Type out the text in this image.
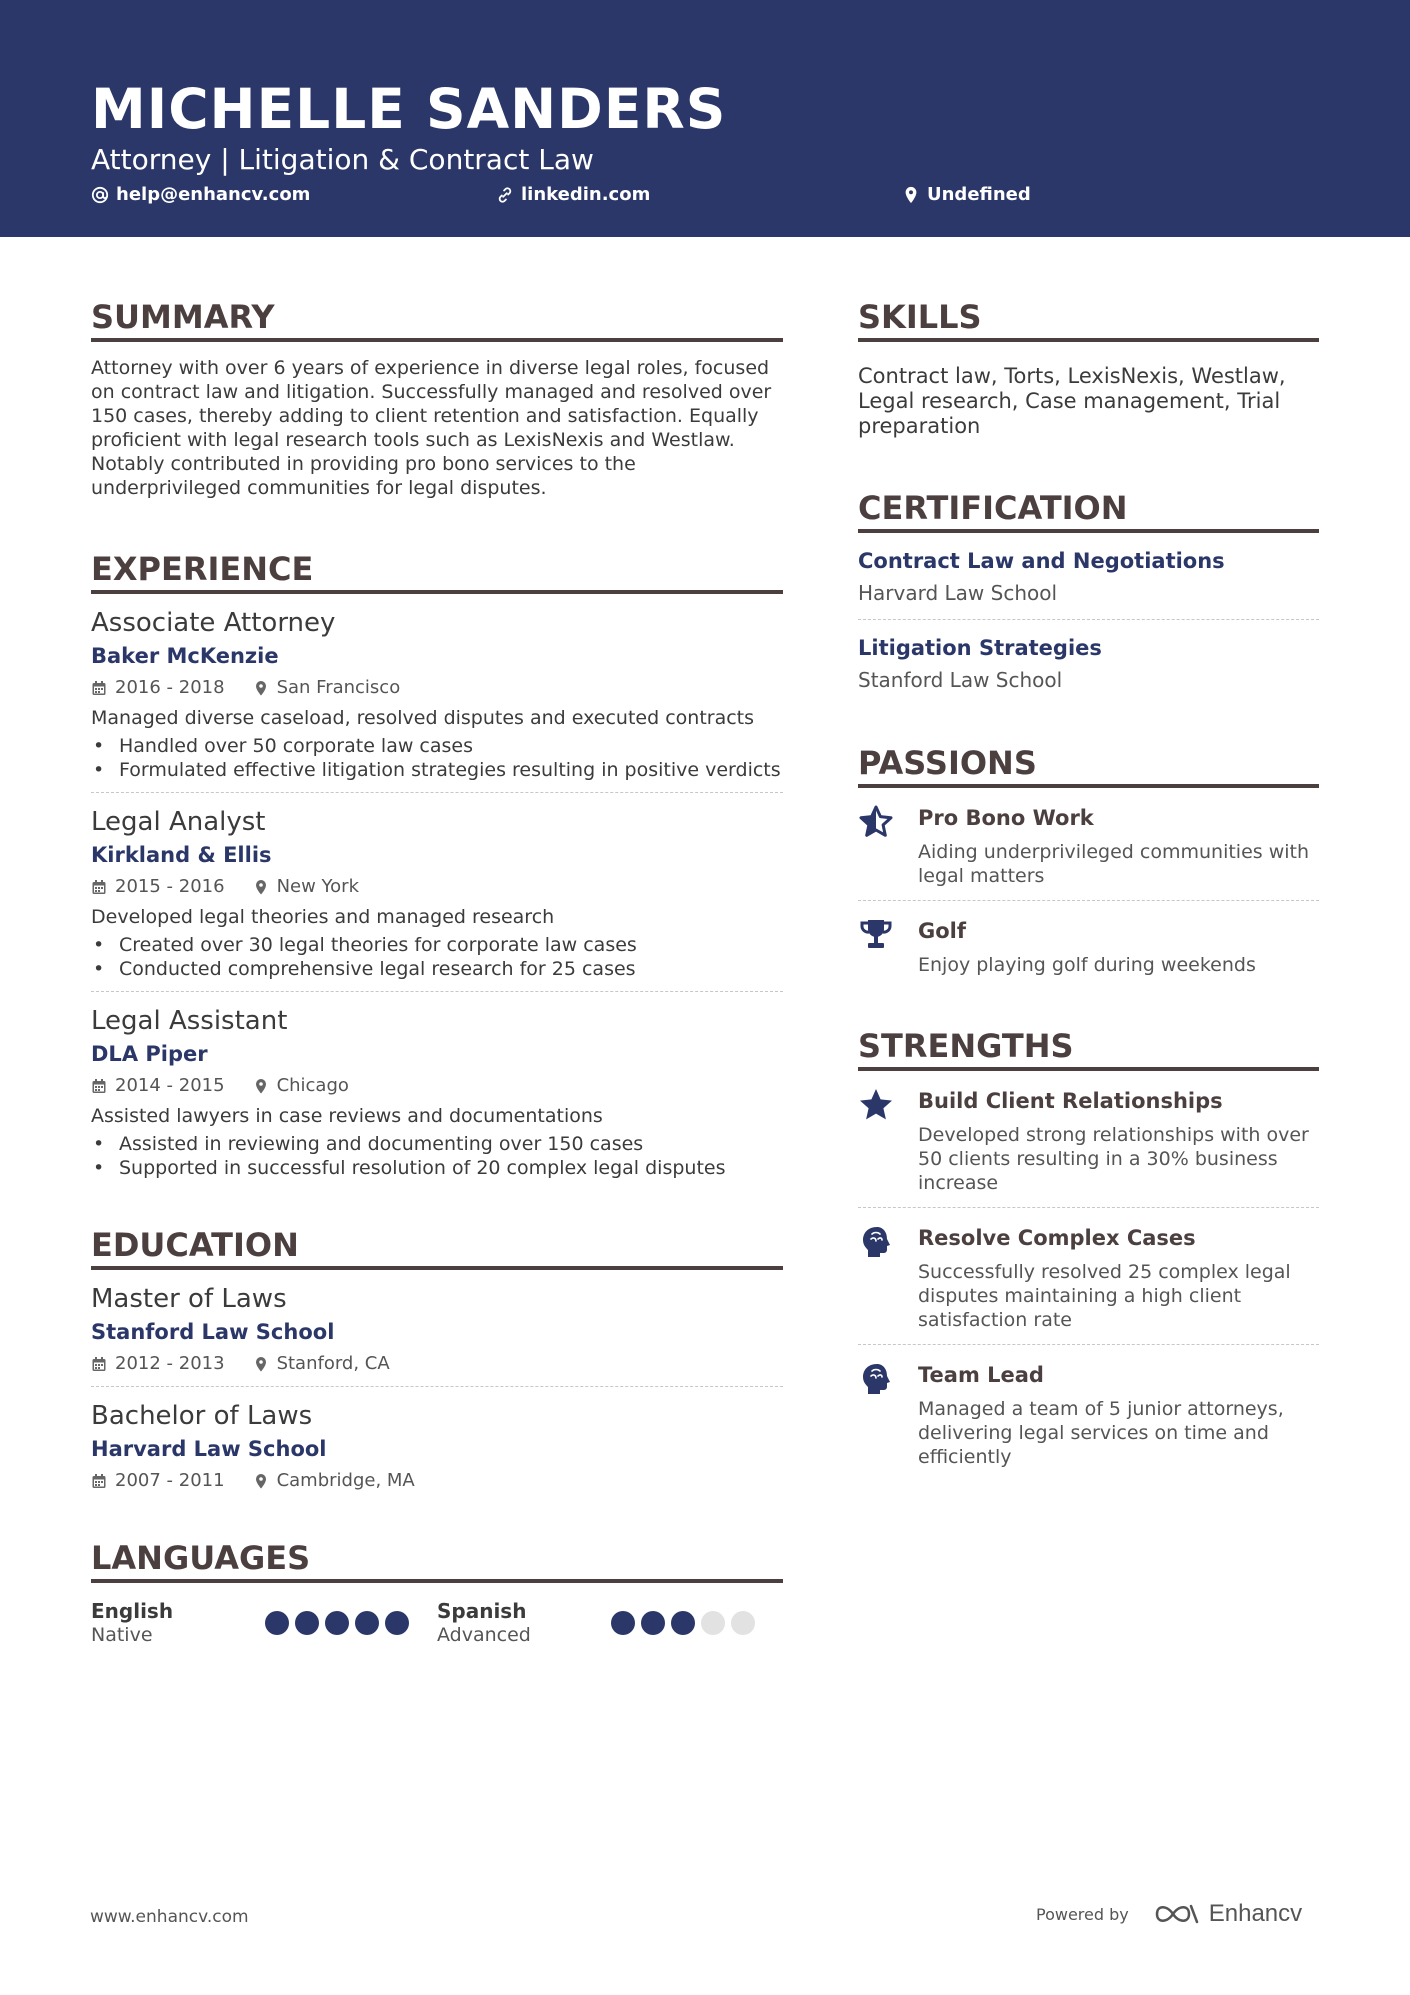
MICHELLE SANDERS
Attorney | Litigation & Contract Law
help@enhancv.com	linkedin.com	Undefined
SUMMARY
Attorney with over 6 years of experience in diverse legal roles, focused on contract law and litigation. Successfully managed and resolved over 150 cases, thereby adding to client retention and satisfaction. Equally proficient with legal research tools such as LexisNexis and Westlaw. Notably contributed in providing pro bono services to the underprivileged communities for legal disputes.
EXPERIENCE
Associate Attorney
Baker McKenzie
2016 - 2018	San Francisco
Managed diverse caseload, resolved disputes and executed contracts
• Handled over 50 corporate law cases
• Formulated effective litigation strategies resulting in positive verdicts
Legal Analyst
Kirkland & Ellis
2015 - 2016	New York
Developed legal theories and managed research
• Created over 30 legal theories for corporate law cases
• Conducted comprehensive legal research for 25 cases
Legal Assistant
DLA Piper
2014 - 2015	Chicago
Assisted lawyers in case reviews and documentations
• Assisted in reviewing and documenting over 150 cases
• Supported in successful resolution of 20 complex legal disputes
EDUCATION
Master of Laws
Stanford Law School
2012 - 2013	Stanford, CA
Bachelor of Laws
Harvard Law School
2007 - 2011	Cambridge, MA
LANGUAGES
English
Native
Spanish
Advanced
SKILLS
Contract law, Torts, LexisNexis, Westlaw, Legal research, Case management, Trial preparation
CERTIFICATION
Contract Law and Negotiations
Harvard Law School
Litigation Strategies
Stanford Law School
PASSIONS
Pro Bono Work
Aiding underprivileged communities with legal matters
Golf
Enjoy playing golf during weekends
STRENGTHS
Build Client Relationships
Developed strong relationships with over 50 clients resulting in a 30% business increase
Resolve Complex Cases
Successfully resolved 25 complex legal disputes maintaining a high client satisfaction rate
Team Lead
Managed a team of 5 junior attorneys, delivering legal services on time and efficiently
www.enhancv.com	Powered by	Enhancv
